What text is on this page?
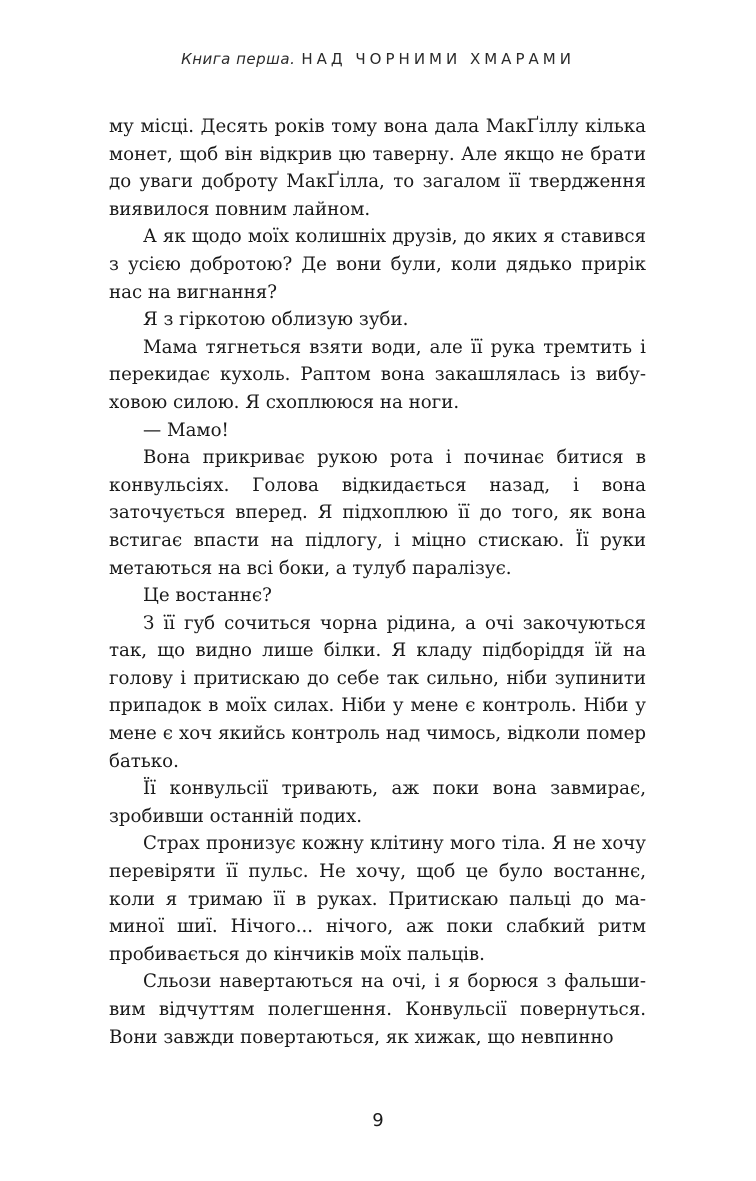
Книга перша. НАД ЧОРНИМИ ХМАРАМИ

му місці. Десять років тому вона дала МакҐіллу кілька монет, щоб він відкрив цю таверну. Але якщо не брати до уваги доброту МакҐілла, то загалом її твердження виявилося повним лайном.

А як щодо моїх колишніх друзів, до яких я ставився з усією добротою? Де вони були, коли дядько прирік нас на вигнання?

Я з гіркотою облизую зуби.

Мама тягнеться взяти води, але її рука тремтить і перекидає кухоль. Раптом вона закашлялась із вибуховою силою. Я схоплююся на ноги.

— Мамо!

Вона прикриває рукою рота і починає битися в конвульсіях. Голова відкидається назад, і вона заточується вперед. Я підхоплюю її до того, як вона встигає впасти на підлогу, і міцно стискаю. Її руки метаються на всі боки, а тулуб паралізує.

Це востаннє?

З її губ сочиться чорна рідина, а очі закочуються так, що видно лише білки. Я кладу підборіддя їй на голову і притискаю до себе так сильно, ніби зупинити припадок в моїх силах. Ніби у мене є контроль. Ніби у мене є хоч якийсь контроль над чимось, відколи помер батько.

Її конвульсії тривають, аж поки вона завмирає, зробивши останній подих.

Страх пронизує кожну клітину мого тіла. Я не хочу перевіряти її пульс. Не хочу, щоб це було востаннє, коли я тримаю її в руках. Притискаю пальці до маминої шиї. Нічого... нічого, аж поки слабкий ритм пробивається до кінчиків моїх пальців.

Сльози навертаються на очі, і я борюся з фальшивим відчуттям полегшення. Конвульсії повернуться. Вони завжди повертаються, як хижак, що невпинно

9
